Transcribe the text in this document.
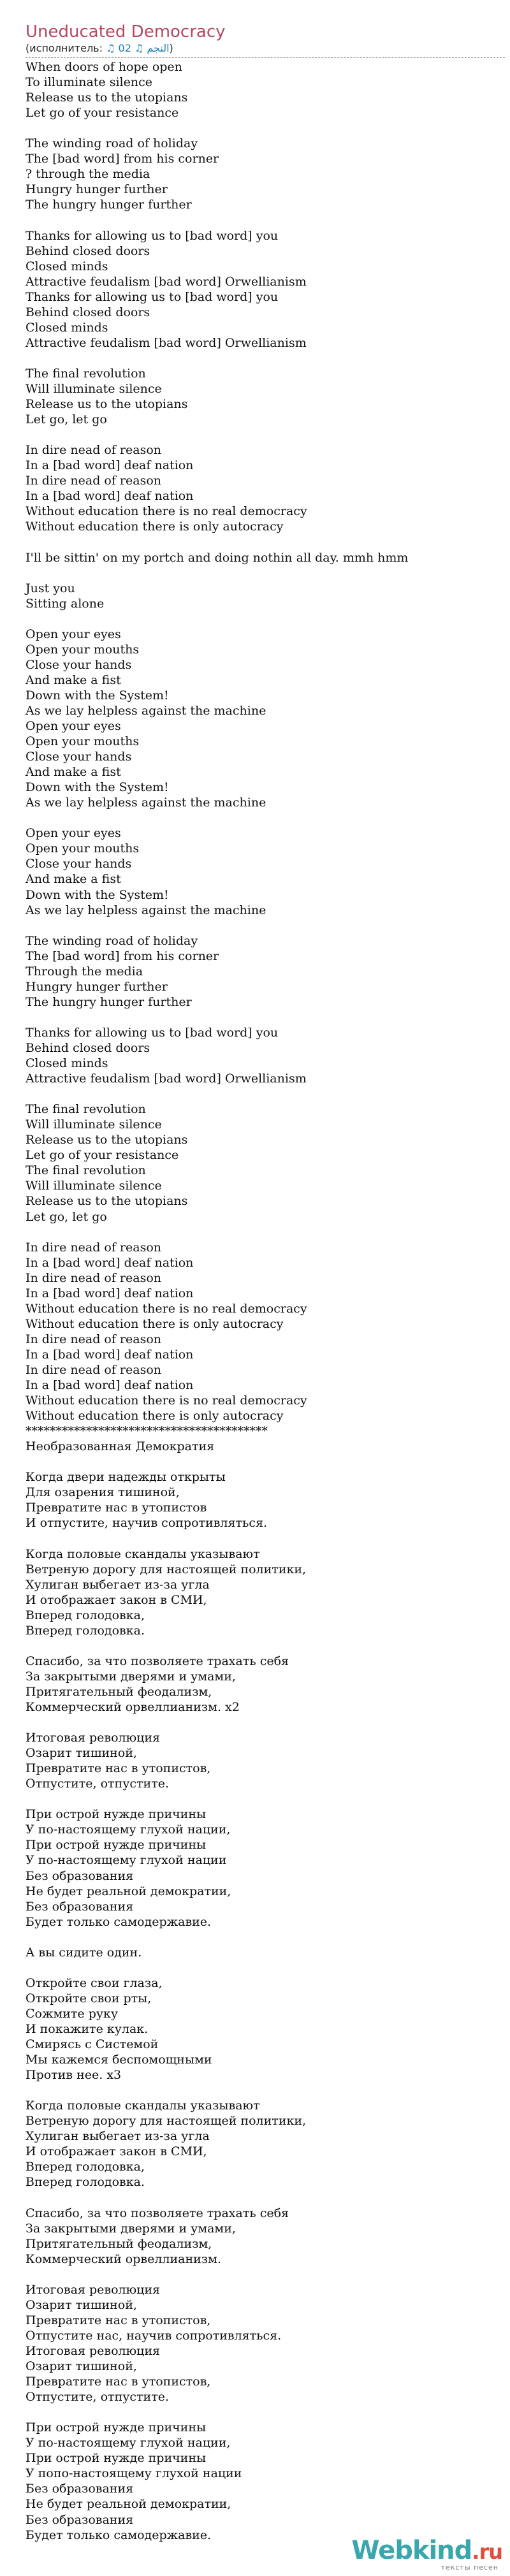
Uneducated Democracy
(исполнитель: ♫ 02 ♫ النجم)
When doors of hope open
To illuminate silence
Release us to the utopians
Let go of your resistance

The winding road of holiday
The [bad word] from his corner
? through the media
Hungry hunger further
The hungry hunger further

Thanks for allowing us to [bad word] you
Behind closed doors
Closed minds
Attractive feudalism [bad word] Orwellianism
Thanks for allowing us to [bad word] you
Behind closed doors
Closed minds
Attractive feudalism [bad word] Orwellianism

The final revolution
Will illuminate silence
Release us to the utopians
Let go, let go

In dire nead of reason
In a [bad word] deaf nation
In dire nead of reason
In a [bad word] deaf nation
Without education there is no real democracy
Without education there is only autocracy

I'll be sittin' on my portch and doing nothin all day. mmh hmm

Just you
Sitting alone

Open your eyes
Open your mouths
Close your hands
And make a fist
Down with the System!
As we lay helpless against the machine
Open your eyes
Open your mouths
Close your hands
And make a fist
Down with the System!
As we lay helpless against the machine

Open your eyes
Open your mouths
Close your hands
And make a fist
Down with the System!
As we lay helpless against the machine

The winding road of holiday
The [bad word] from his corner
Through the media
Hungry hunger further
The hungry hunger further

Thanks for allowing us to [bad word] you
Behind closed doors
Closed minds
Attractive feudalism [bad word] Orwellianism

The final revolution
Will illuminate silence
Release us to the utopians
Let go of your resistance
The final revolution
Will illuminate silence
Release us to the utopians
Let go, let go

In dire nead of reason
In a [bad word] deaf nation
In dire nead of reason
In a [bad word] deaf nation
Without education there is no real democracy
Without education there is only autocracy
In dire nead of reason
In a [bad word] deaf nation
In dire nead of reason
In a [bad word] deaf nation
Without education there is no real democracy
Without education there is only autocracy
****************************************
Необразованная Демократия

Когда двери надежды открыты
Для озарения тишиной,
Превратите нас в утопистов
И отпустите, научив сопротивляться.

Когда половые скандалы указывают
Ветреную дорогу для настоящей политики,
Хулиган выбегает из-за угла
И отображает закон в СМИ,
Вперед голодовка,
Вперед голодовка.

Спасибо, за что позволяете трахать себя
За закрытыми дверями и умами,
Притягательный феодализм,
Коммерческий орвеллианизм. x2

Итоговая революция
Озарит тишиной,
Превратите нас в утопистов,
Отпустите, отпустите.

При острой нужде причины
У по-настоящему глухой нации,
При острой нужде причины
У по-настоящему глухой нации
Без образования
Не будет реальной демократии,
Без образования
Будет только самодержавие.

А вы сидите один.

Откройте свои глаза,
Откройте свои рты,
Сожмите руку
И покажите кулак.
Смирясь с Системой
Мы кажемся беспомощными
Против нее. x3

Когда половые скандалы указывают
Ветреную дорогу для настоящей политики,
Хулиган выбегает из-за угла
И отображает закон в СМИ,
Вперед голодовка,
Вперед голодовка.

Спасибо, за что позволяете трахать себя
За закрытыми дверями и умами,
Притягательный феодализм,
Коммерческий орвеллианизм.

Итоговая революция
Озарит тишиной,
Превратите нас в утопистов,
Отпустите нас, научив сопротивляться.
Итоговая революция
Озарит тишиной,
Превратите нас в утопистов,
Отпустите, отпустите.

При острой нужде причины
У по-настоящему глухой нации,
При острой нужде причины
У попо-настоящему глухой нации
Без образования
Не будет реальной демократии,
Без образования
Будет только самодержавие.
Webkind.ru
тексты песен
